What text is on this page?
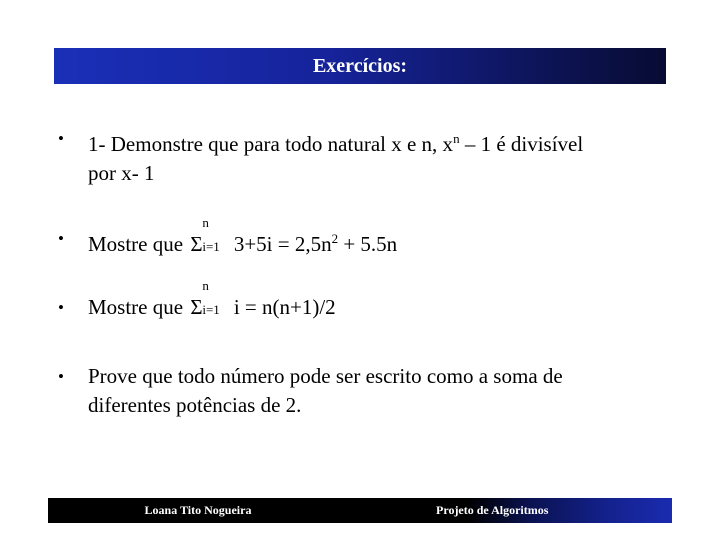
Exercícios:
•	1- Demonstre que para todo natural x e n, $x^n - 1$ é divisível
por x- 1
•	Mostre que Σ
n
i=1 $3+5i = 2,5n^2 + 5.5n$
•	Mostre que Σ
n
i=1 i = n(n+1)/2
•	Prove que todo número pode ser escrito como a soma de
diferentes potências de 2.
Loana Tito Nogueira	Projeto de Algoritmos
